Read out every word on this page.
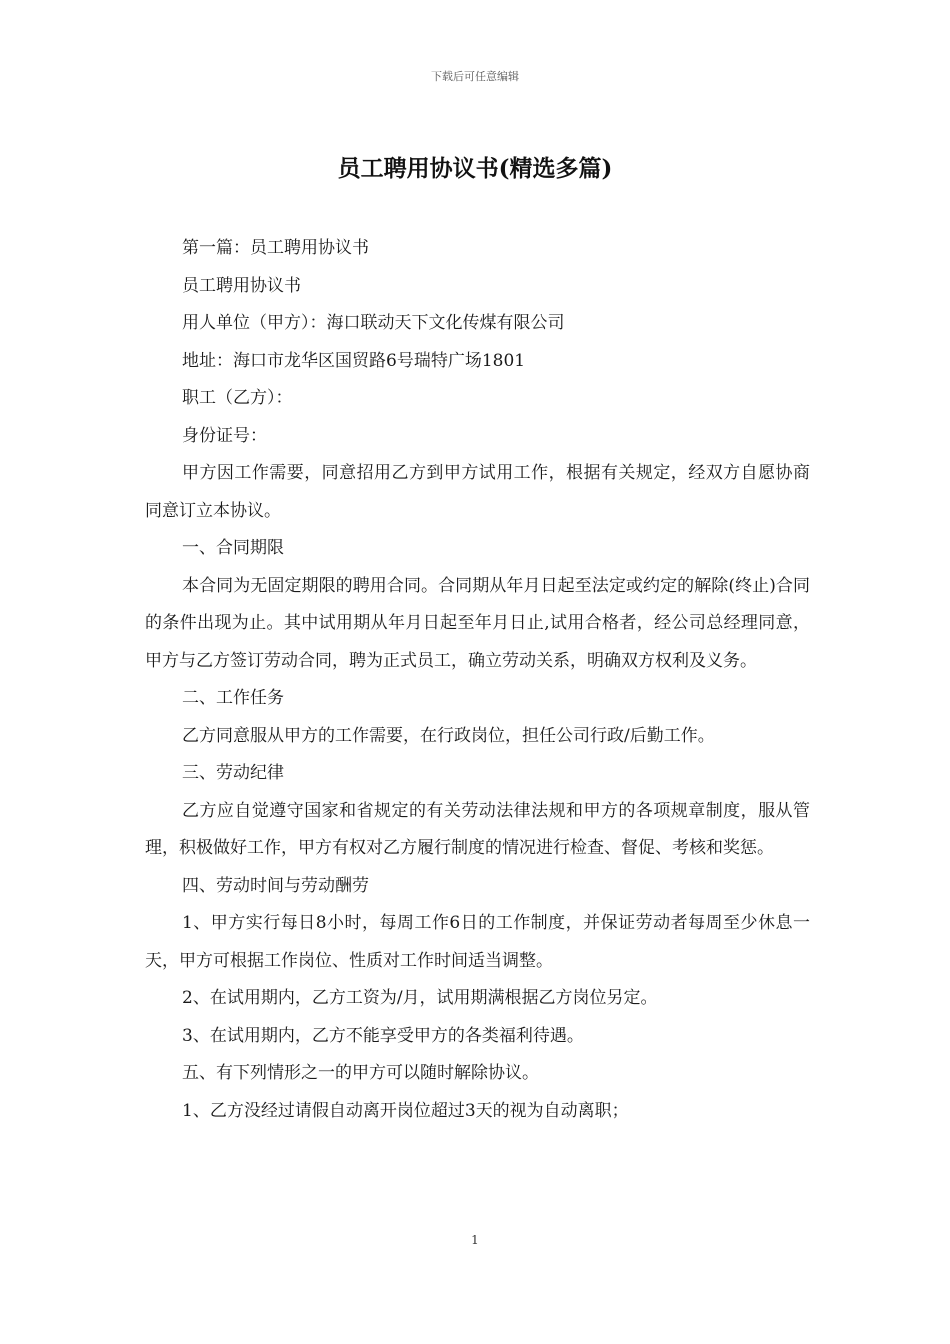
下载后可任意编辑
员工聘用协议书(精选多篇)

第一篇：员工聘用协议书

员工聘用协议书

用人单位（甲方）：海口联动天下文化传煤有限公司

地址：海口市龙华区国贸路6号瑞特广场1801

职工（乙方）：

身份证号：

甲方因工作需要，同意招用乙方到甲方试用工作，根据有关规定，经双方自愿协商同意订立本协议。

一、合同期限

本合同为无固定期限的聘用合同。合同期从年月日起至法定或约定的解除(终止)合同的条件出现为止。其中试用期从年月日起至年月日止,试用合格者，经公司总经理同意，甲方与乙方签订劳动合同，聘为正式员工，确立劳动关系，明确双方权利及义务。

二、工作任务

乙方同意服从甲方的工作需要，在行政岗位，担任公司行政/后勤工作。

三、劳动纪律

乙方应自觉遵守国家和省规定的有关劳动法律法规和甲方的各项规章制度，服从管理，积极做好工作，甲方有权对乙方履行制度的情况进行检查、督促、考核和奖惩。

四、劳动时间与劳动酬劳

1、甲方实行每日8小时，每周工作6日的工作制度，并保证劳动者每周至少休息一天，甲方可根据工作岗位、性质对工作时间适当调整。

2、在试用期内，乙方工资为/月，试用期满根据乙方岗位另定。

3、在试用期内，乙方不能享受甲方的各类福利待遇。

五、有下列情形之一的甲方可以随时解除协议。

1、乙方没经过请假自动离开岗位超过3天的视为自动离职；

1
